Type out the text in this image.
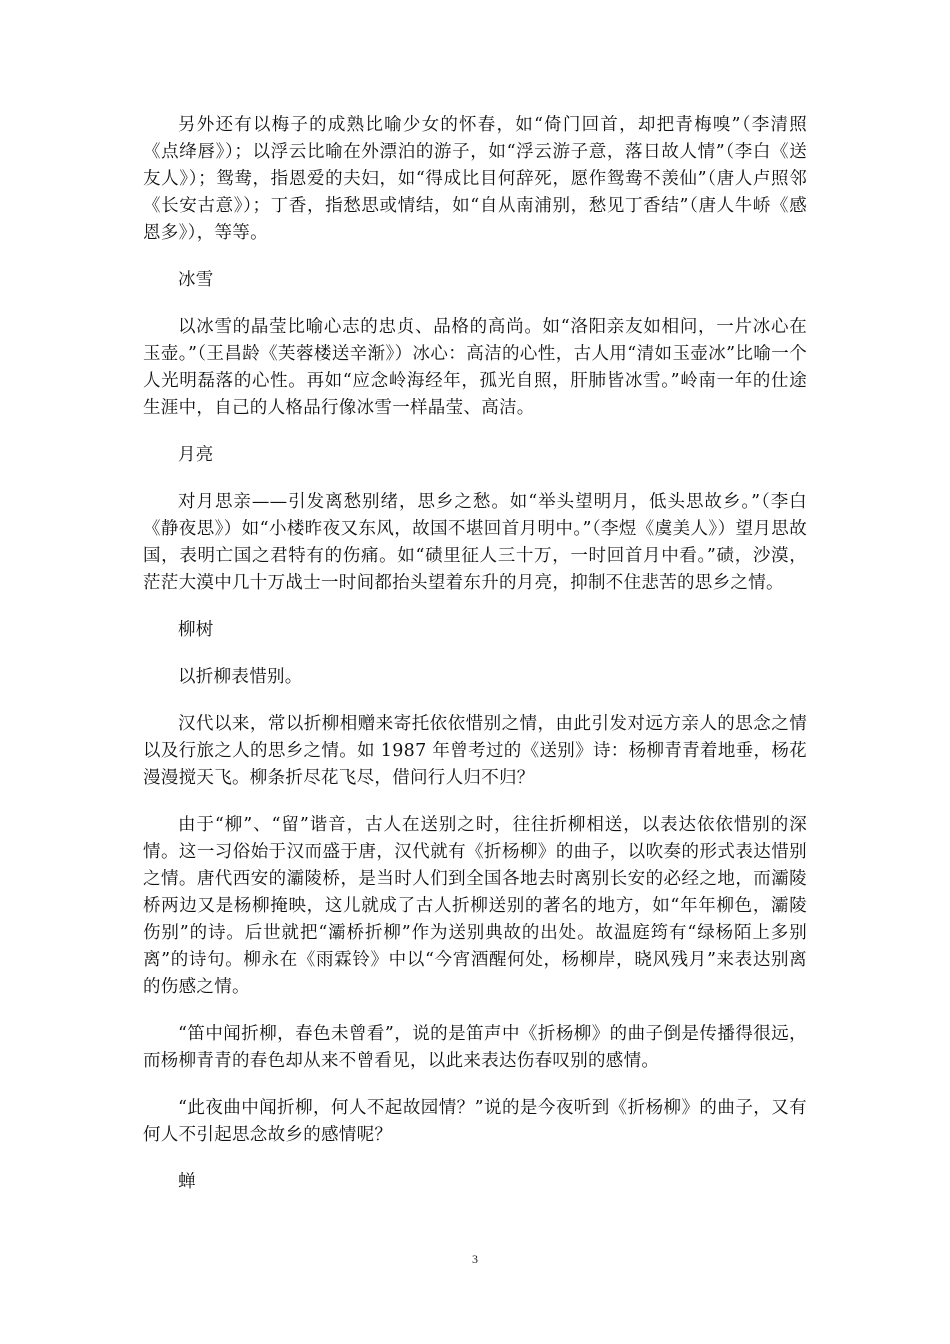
另外还有以梅子的成熟比喻少女的怀春，如“倚门回首，却把青梅嗅”（李清照《点绛唇》）；以浮云比喻在外漂泊的游子，如“浮云游子意，落日故人情”（李白《送友人》）；鸳鸯，指恩爱的夫妇，如“得成比目何辞死，愿作鸳鸯不羡仙”（唐人卢照邻《长安古意》）；丁香，指愁思或情结，如“自从南浦别，愁见丁香结”（唐人牛峤《感恩多》），等等。

冰雪

以冰雪的晶莹比喻心志的忠贞、品格的高尚。如“洛阳亲友如相问，一片冰心在玉壶。”（王昌龄《芙蓉楼送辛渐》）冰心：高洁的心性，古人用“清如玉壶冰”比喻一个人光明磊落的心性。再如“应念岭海经年，孤光自照，肝肺皆冰雪。”岭南一年的仕途生涯中，自己的人格品行像冰雪一样晶莹、高洁。

月亮

对月思亲——引发离愁别绪，思乡之愁。如“举头望明月，低头思故乡。”（李白《静夜思》）如“小楼昨夜又东风，故国不堪回首月明中。”（李煜《虞美人》）望月思故国，表明亡国之君特有的伤痛。如“碛里征人三十万，一时回首月中看。”碛，沙漠，茫茫大漠中几十万战士一时间都抬头望着东升的月亮，抑制不住悲苦的思乡之情。

柳树

以折柳表惜别。

汉代以来，常以折柳相赠来寄托依依惜别之情，由此引发对远方亲人的思念之情以及行旅之人的思乡之情。如 1987 年曾考过的《送别》诗：杨柳青青着地垂，杨花漫漫搅天飞。柳条折尽花飞尽，借问行人归不归？

由于“柳”、“留”谐音，古人在送别之时，往往折柳相送，以表达依依惜别的深情。这一习俗始于汉而盛于唐，汉代就有《折杨柳》的曲子，以吹奏的形式表达惜别之情。唐代西安的灞陵桥，是当时人们到全国各地去时离别长安的必经之地，而灞陵桥两边又是杨柳掩映，这儿就成了古人折柳送别的著名的地方，如“年年柳色，灞陵伤别”的诗。后世就把“灞桥折柳”作为送别典故的出处。故温庭筠有“绿杨陌上多别离”的诗句。柳永在《雨霖铃》中以“今宵酒醒何处，杨柳岸，晓风残月”来表达别离的伤感之情。

“笛中闻折柳，春色未曾看”，说的是笛声中《折杨柳》的曲子倒是传播得很远，而杨柳青青的春色却从来不曾看见，以此来表达伤春叹别的感情。

“此夜曲中闻折柳，何人不起故园情？”说的是今夜听到《折杨柳》的曲子，又有何人不引起思念故乡的感情呢？

蝉

3
